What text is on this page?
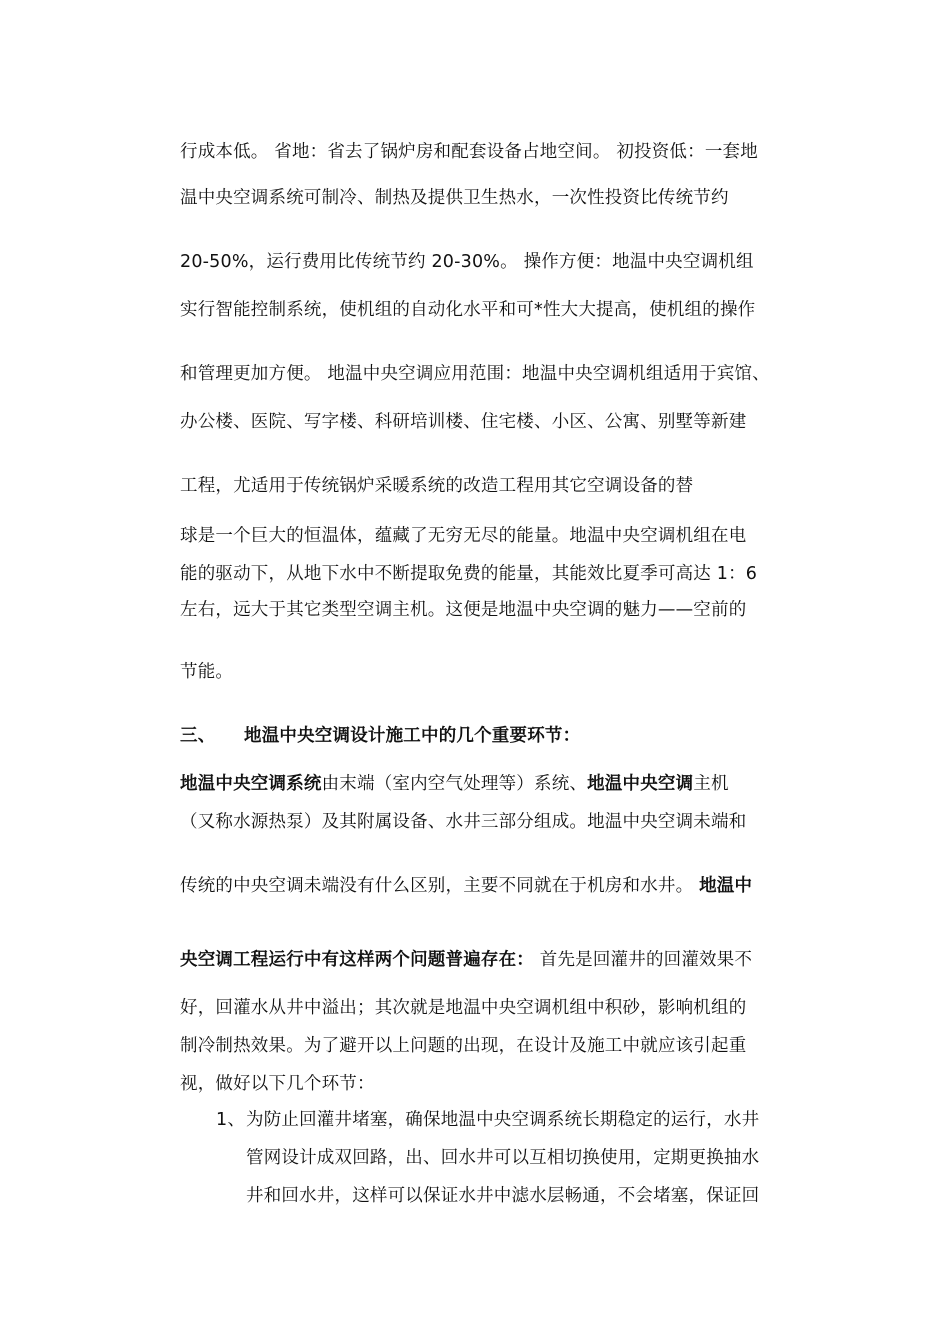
行成本低。 省地：省去了锅炉房和配套设备占地空间。 初投资低：一套地
温中央空调系统可制冷、制热及提供卫生热水，一次性投资比传统节约
20-50%，运行费用比传统节约 20-30%。 操作方便：地温中央空调机组
实行智能控制系统，使机组的自动化水平和可*性大大提高，使机组的操作
和管理更加方便。 地温中央空调应用范围：地温中央空调机组适用于宾馆、
办公楼、医院、写字楼、科研培训楼、住宅楼、小区、公寓、别墅等新建
工程，尤适用于传统锅炉采暖系统的改造工程用其它空调设备的替
球是一个巨大的恒温体，蕴藏了无穷无尽的能量。地温中央空调机组在电
能的驱动下，从地下水中不断提取免费的能量，其能效比夏季可高达 1：6
左右，远大于其它类型空调主机。这便是地温中央空调的魅力——空前的
节能。
三、 地温中央空调设计施工中的几个重要环节：
地温中央空调系统由末端（室内空气处理等）系统、地温中央空调主机
（又称水源热泵）及其附属设备、水井三部分组成。地温中央空调未端和
传统的中央空调未端没有什么区别，主要不同就在于机房和水井。 地温中
央空调工程运行中有这样两个问题普遍存在： 首先是回灌井的回灌效果不
好，回灌水从井中溢出；其次就是地温中央空调机组中积砂，影响机组的
制冷制热效果。为了避开以上问题的出现，在设计及施工中就应该引起重
视，做好以下几个环节：
1、为防止回灌井堵塞，确保地温中央空调系统长期稳定的运行，水井
管网设计成双回路，出、回水井可以互相切换使用，定期更换抽水
井和回水井，这样可以保证水井中滤水层畅通，不会堵塞，保证回
